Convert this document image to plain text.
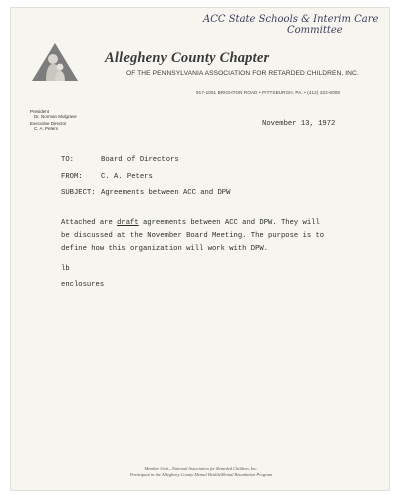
ACC State Schools & Interim Care
Committee
Allegheny County Chapter
OF THE PENNSYLVANIA ASSOCIATION FOR RETARDED CHILDREN, INC.
917-1001 BRIGHTON ROAD • PITTSBURGH, PA. • (412) 322-6008
President
Dr. Norman Mulgrave
Executive Director
C. A. Peters
November 13, 1972
TO:	Board of Directors
FROM:	C. A. Peters
SUBJECT: Agreements between ACC and DPW
Attached are draft agreements between ACC and DPW. They will
be discussed at the November Board Meeting. The purpose is to
define how this organization will work with DPW.
lb
enclosures
Member Unit—National Association for Retarded Children, Inc.
Participant in the Allegheny County Mental Health/Mental Retardation Program
